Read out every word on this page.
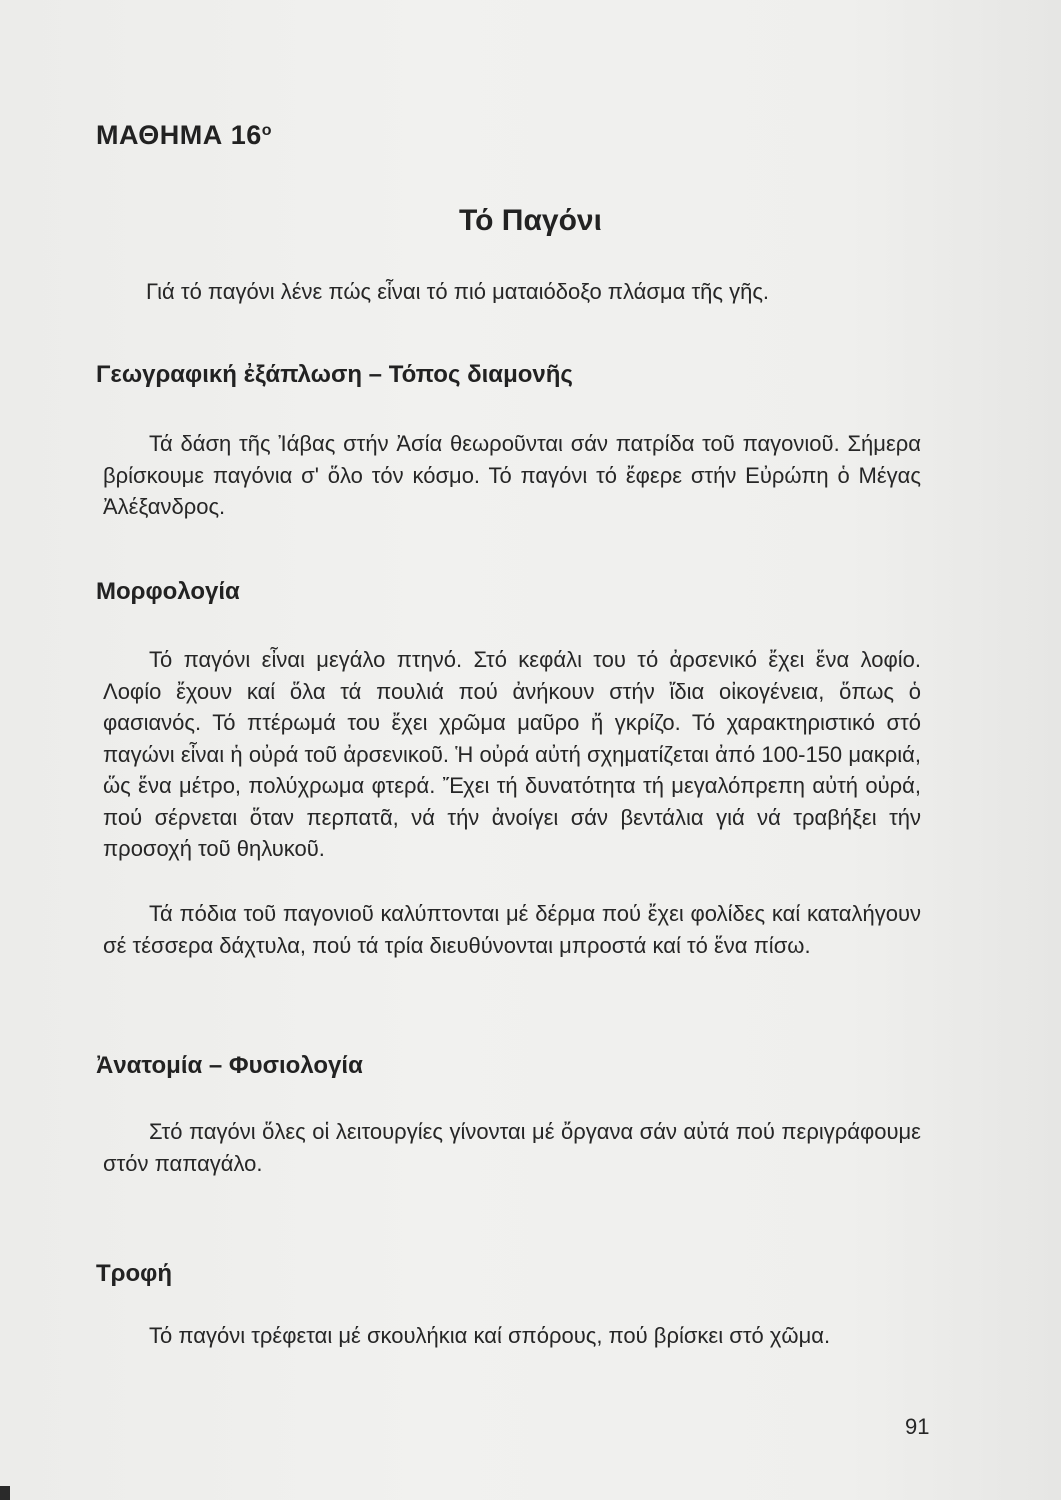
ΜΑΘΗΜΑ $16^o$
Τό Παγόνι
Γιά τό παγόνι λένε πώς εἶναι τό πιό ματαιόδοξο πλάσμα τῆς γῆς.
Γεωγραφική ἐξάπλωση – Τόπος διαμονῆς

Τά δάση τῆς Ἰάβας στήν Ἀσία θεωροῦνται σάν πατρίδα τοῦ παγονιοῦ. Σήμερα βρίσκουμε παγόνια σ' ὅλο τόν κόσμο. Τό παγόνι τό ἔφερε στήν Εὐρώπη ὁ Μέγας Ἀλέξανδρος.

Μορφολογία

Τό παγόνι εἶναι μεγάλο πτηνό. Στό κεφάλι του τό ἀρσενικό ἔχει ἕνα λοφίο. Λοφίο ἔχουν καί ὅλα τά πουλιά πού ἀνήκουν στήν ἴδια οἰκογένεια, ὅπως ὁ φασιανός. Τό πτέρωμά του ἔχει χρῶμα μαῦρο ἤ γκρίζο. Τό χαρακτηριστικό στό παγώνι εἶναι ἡ οὐρά τοῦ ἀρσενικοῦ. Ἡ οὐρά αὐτή σχηματίζεται ἀπό 100-150 μακριά, ὥς ἕνα μέτρο, πολύχρωμα φτερά. Ἔχει τή δυνατότητα τή μεγαλόπρεπη αὐτή οὐρά, πού σέρνεται ὅταν περπατᾶ, νά τήν ἀνοίγει σάν βεντάλια γιά νά τραβήξει τήν προσοχή τοῦ θηλυκοῦ.

Τά πόδια τοῦ παγονιοῦ καλύπτονται μέ δέρμα πού ἔχει φολίδες καί καταλήγουν σέ τέσσερα δάχτυλα, πού τά τρία διευθύνονται μπροστά καί τό ἕνα πίσω.

Ἀνατομία – Φυσιολογία

Στό παγόνι ὅλες οἱ λειτουργίες γίνονται μέ ὄργανα σάν αὐτά πού περιγράφουμε στόν παπαγάλο.

Τροφή

Τό παγόνι τρέφεται μέ σκουλήκια καί σπόρους, πού βρίσκει στό χῶμα.

91
